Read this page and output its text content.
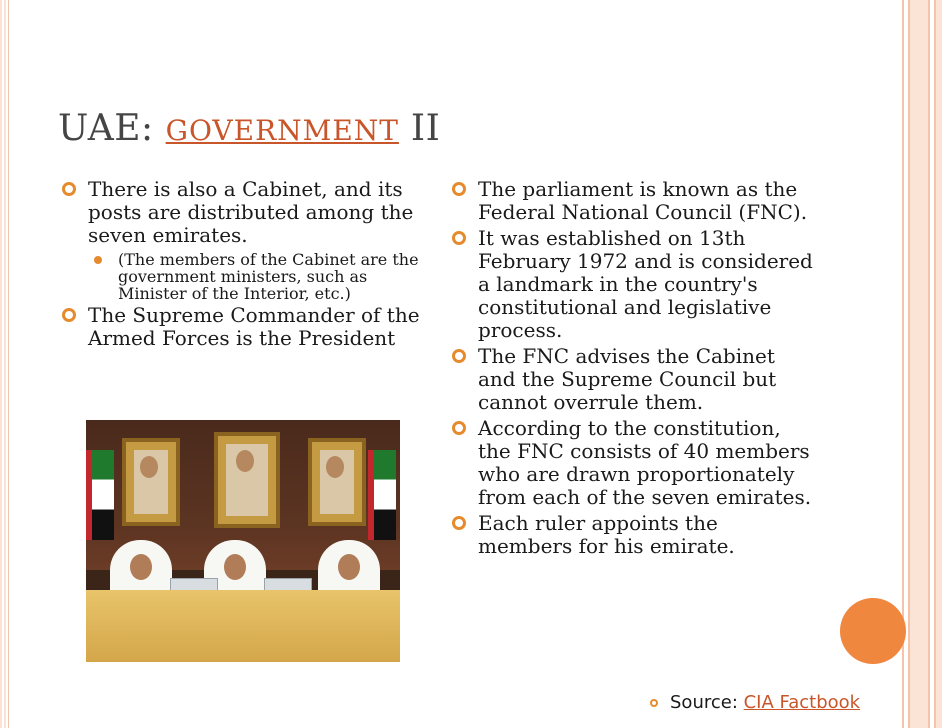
UAE: GOVERNMENT II

There is also a Cabinet, and its posts are distributed among the seven emirates.

(The members of the Cabinet are the government ministers, such as Minister of the Interior, etc.)

The Supreme Commander of the Armed Forces is the President

The parliament is known as the Federal National Council (FNC).

It was established on 13th February 1972 and is considered a landmark in the country's constitutional and legislative process.

The FNC advises the Cabinet and the Supreme Council but cannot overrule them.

According to the constitution, the FNC consists of 40 members who are drawn proportionately from each of the seven emirates.

Each ruler appoints the members for his emirate.

Source: CIA Factbook
